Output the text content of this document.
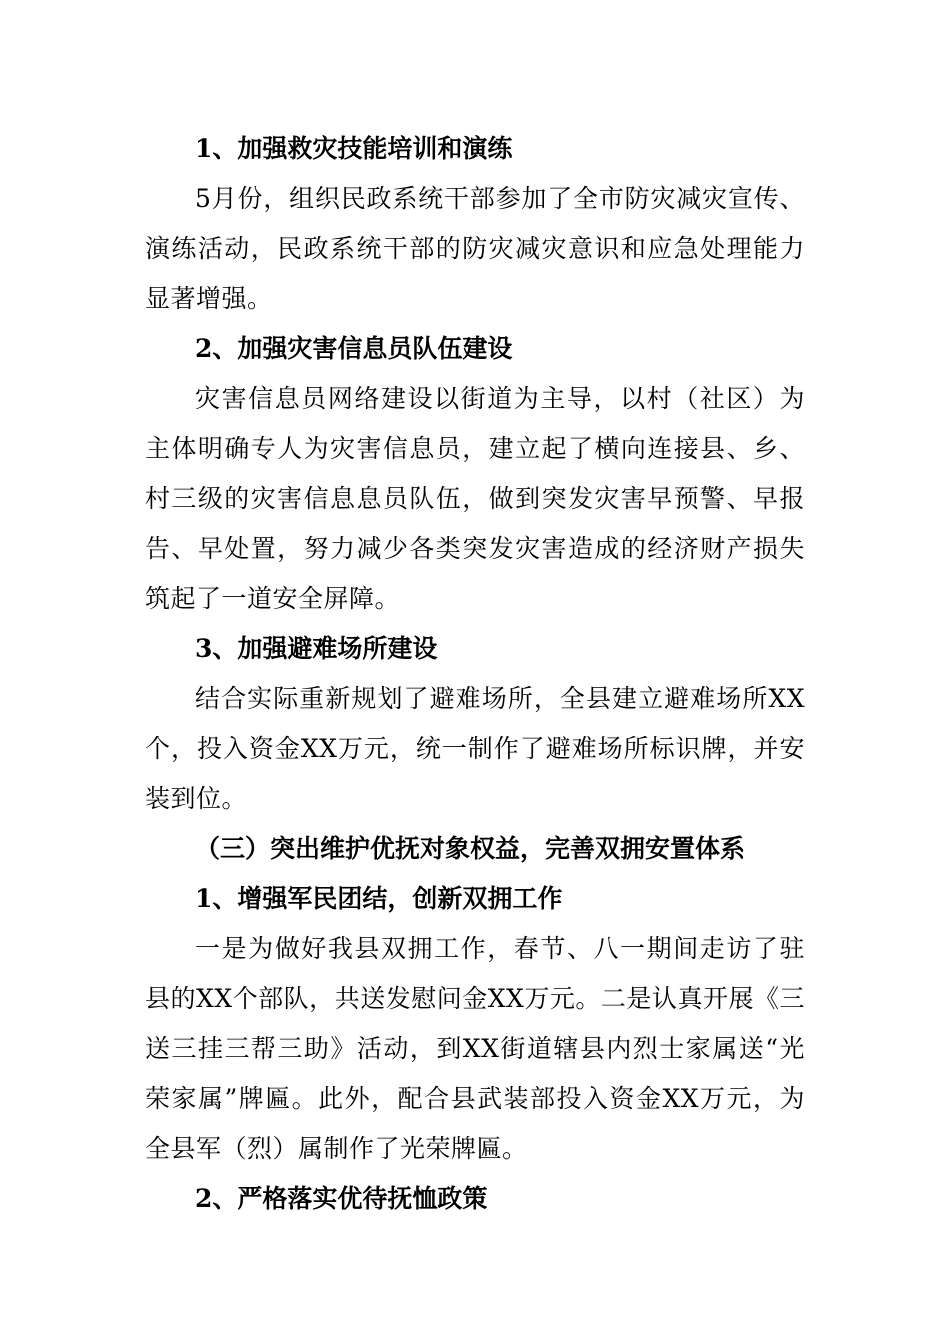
1、加强救灾技能培训和演练

5月份，组织民政系统干部参加了全市防灾减灾宣传、演练活动，民政系统干部的防灾减灾意识和应急处理能力显著增强。

2、加强灾害信息员队伍建设

灾害信息员网络建设以街道为主导，以村（社区）为主体明确专人为灾害信息员，建立起了横向连接县、乡、村三级的灾害信息息员队伍，做到突发灾害早预警、早报告、早处置，努力减少各类突发灾害造成的经济财产损失筑起了一道安全屏障。

3、加强避难场所建设

结合实际重新规划了避难场所，全县建立避难场所XX个，投入资金XX万元，统一制作了避难场所标识牌，并安装到位。

（三）突出维护优抚对象权益，完善双拥安置体系

1、增强军民团结，创新双拥工作

一是为做好我县双拥工作，春节、八一期间走访了驻县的XX个部队，共送发慰问金XX万元。二是认真开展《三送三挂三帮三助》活动，到XX街道辖县内烈士家属送“光荣家属”牌匾。此外，配合县武装部投入资金XX万元，为全县军（烈）属制作了光荣牌匾。

2、严格落实优待抚恤政策
